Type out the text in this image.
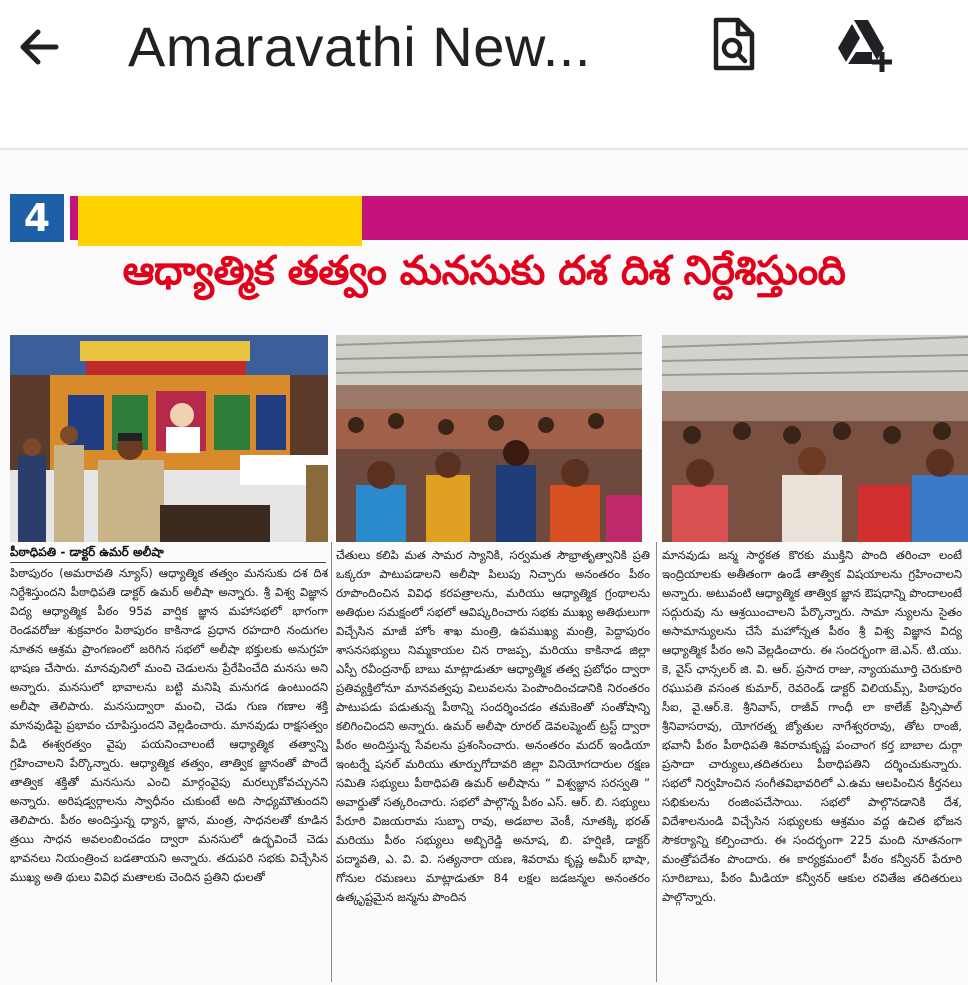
Amaravathi New...
4
ఆధ్యాత్మిక తత్వం మనసుకు దశ దిశ నిర్దేశిస్తుంది
పీఠాధిపతి - డాక్టర్ ఉమర్ అలీషా
పిఠాపురం (అమరావతి న్యూస్) ఆధ్యాత్మిక తత్వం మనసుకు దశ దిశ నిర్దేశిస్తుందని పీఠాధిపతి డాక్టర్ ఉమర్ అలీషా అన్నారు. శ్రీ విశ్వ విజ్ఞాన విద్య ఆధ్యాత్మిక పీఠం 95వ వార్షిక జ్ఞాన మహాసభలో భాగంగా రెండవరోజు శుక్రవారం పిఠాపురం కాకినాడ ప్రధాన రహదారి నందుగల నూతన ఆశ్రమ ప్రాంగణంలో జరిగిన సభలో అలీషా భక్తులకు అనుగ్రహ భాషణ చేసారు. మానవునిలో మంచి చెడులను ప్రేరేపించేది మనసు అని అన్నారు. మనసులో భావాలను బట్టి మనిషి మనుగడ ఉంటుందని అలీషా తెలిపారు. మనసుద్వారా మంచి, చెడు గుణ గణాల శక్తి మానవుడిపై ప్రభావం చూపిస్తుందని వెల్లడించారు. మానవుడు రాక్షసత్వం వీడి ఈశ్వరత్వం వైపు పయనించాలంటే ఆధ్యాత్మిక తత్వాన్ని గ్రహించాలని పేర్కొన్నారు. ఆధ్యాత్మిక తత్వం, తాత్విక జ్ఞానంతో పొందే తాత్విక శక్తితో మనసును ఎంచి మార్గంవైపు మరల్చుకోవచ్చునని అన్నారు. అరిషడ్వర్గాలను స్వాధీనం చుకుంటే అది సాధ్యమౌతుందని తెలిపారు. పీఠం అందిస్తున్న ధ్యాన, జ్ఞాన, మంత్ర, సాధనలతో కూడిన త్రయి సాధన అవలంబించడం ద్వారా మనసులో ఉద్భవించే చెడు భావనలు నియంత్రించ బడతాయని అన్నారు. తదుపరి సభకు విచ్చేసిన ముఖ్య అతి థులు వివిధ మతాలకు చెందిన ప్రతిని ధులతో
చేతులు కలిపి మత సామర స్యానికి, సర్వమత సౌభ్రాతృత్వానికి ప్రతి ఒక్కరూ పాటుపడాలని అలీషా పిలుపు నిచ్చారు అనంతరం పీఠం రూపొందించిన వివిధ కరపత్రాలను, మరియు ఆధ్యాత్మిక గ్రంథాలను అతిథుల సమక్షంలో సభలో ఆవిష్కరించారు సభకు ముఖ్య అతిథులుగా విచ్చేసిన మాజీ హోం శాఖ మంత్రి, ఉపముఖ్య మంత్రి, పెద్దాపురం శాసనసభ్యులు నిమ్మకాయల చిన రాజప్ప, మరియు కాకినాడ జిల్లా ఎస్పీ రవీంద్రనాథ్ బాబు మాట్లాడుతూ ఆధ్యాత్మిక తత్వ ప్రబోధం ద్వారా ప్రతివ్యక్తిలోనూ మానవత్వపు విలువలను పెంపొందించడానికి నిరంతరం పాటుపడు పడుతున్న పీఠాన్ని సందర్శించడం తమకెంతో సంతోషాన్ని కలిగించిందని అన్నారు. ఉమర్ అలీషా రూరల్ డెవలప్మెంట్ ట్రస్ట్ ద్వారా పీఠం అందిస్తున్న సేవలను ప్రశంసించారు. అనంతరం మదర్ ఇండియా ఇంటర్నే షనల్ మరియు తూర్పుగోదావరి జిల్లా వినియోగదారుల రక్షణ సమితి సభ్యులు పీఠాధిపతి ఉమర్ అలీషాను “ విశ్వజ్ఞాన సరస్వతి ” అవార్డుతో సత్కరించారు. సభలో పాల్గొన్న పీఠం ఎస్. ఆర్. బి. సభ్యులు పేరూరి విజయరామ సుబ్బా రావు, అడబాల వెంకీ, నూతక్కి భరత్ మరియు పీఠం సభ్యులు అబ్బిరెడ్డి అనూష, బి. హర్షిణి, డాక్టర్ పద్మావతి, ఎ. వి. వి. సత్యనారా యణ, శివరామ కృష్ణ అమీర్ భాషా, గోనుల రమణలు మాట్లాడుతూ 84 లక్షల జడజన్మల అనంతరం ఉత్కృష్టమైన జన్మను పొందిన
మానవుడు జన్మ సార్థకత కొరకు ముక్తిని పొంది తరించా లంటే ఇంద్రియాలకు అతీతంగా ఉండే తాత్విక విషయాలను గ్రహించాలని అన్నారు. అటువంటి ఆధ్యాత్మిక తాత్విక జ్ఞాన ఔషధాన్ని పొందాలంటే సద్గురువు ను ఆశ్రయించాలని పేర్కొన్నారు. సామా న్యులను సైతం అసామాన్యులను చేసే మహోన్నత పీఠం శ్రీ విశ్వ విజ్ఞాన విద్య ఆధ్యాత్మిక పీఠం అని వెల్లడించారు. ఈ సందర్భంగా జె.ఎన్. టి.యు. కె, వైస్ ఛాన్సలర్ జి. వి. ఆర్. ప్రసాద రాజు, న్యాయమూర్తి చెరుకూరి రఘుపతి వసంత కుమార్, రెవరెండ్ డాక్టర్ విలియమ్స్, పిఠాపురం సీఐ, వై.ఆర్.కె. శ్రీనివాస్, రాజీవ్ గాంధీ లా కాలేజ్ ప్రిన్సిపాల్ శ్రీనివాసరావు, యోగరత్న జ్యోతుల నాగేశ్వరరావు, తోట రాంజీ, భవానీ పీఠం పీఠాధిపతి శివరామకృష్ణ పంచాంగ కర్త బాబాల దుర్గా ప్రసాదా చార్యులు,తదితరులు పీఠాధిపతిని దర్శించుకున్నారు. సభలో నిర్వహించిన సంగీతవిభావరిలో ఎ.ఉమ ఆలపించిన కీర్తనలు సభికులను రంజింపచేసాయి. సభలో పాల్గొనడానికి దేశ, విదేశాలనుండి విచ్చేసిన సభ్యులకు ఆశ్రమం వద్ద ఉచిత భోజన సౌకర్యాన్ని కల్పించారు. ఈ సందర్భంగా 225 మంది నూతనంగా మంత్రోపదేశం పొందారు. ఈ కార్యక్రమంలో పీఠం కన్వీనర్ పేరూరి సూరిబాబు, పీఠం మీడియా కన్వీనర్ ఆకుల రవితేజ తదితరులు పాల్గొన్నారు.
